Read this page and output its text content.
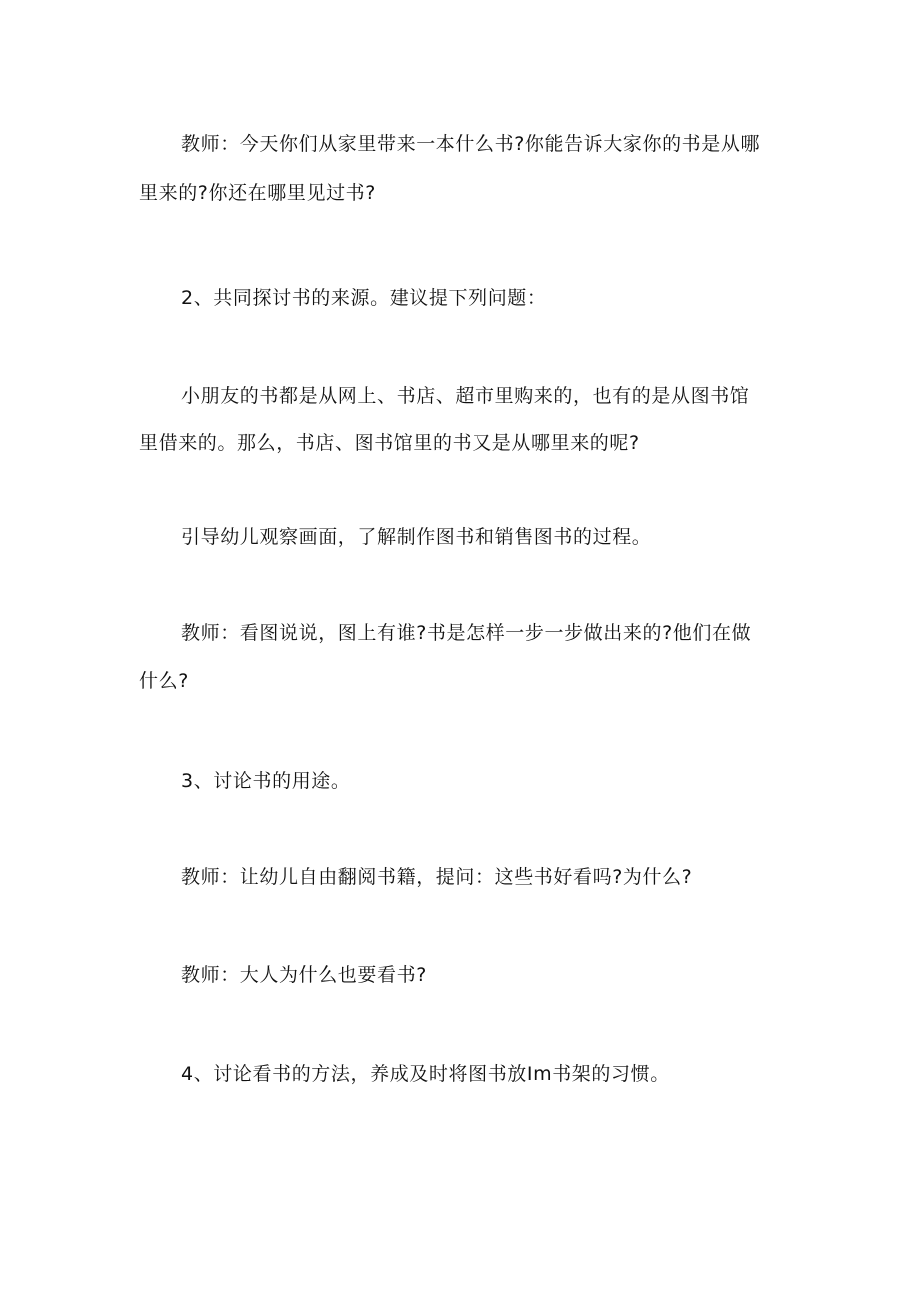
教师：今天你们从家里带来一本什么书?你能告诉大家你的书是从哪
里来的?你还在哪里见过书?
2、共同探讨书的来源。建议提下列问题：
小朋友的书都是从网上、书店、超市里购来的，也有的是从图书馆
里借来的。那么，书店、图书馆里的书又是从哪里来的呢?
引导幼儿观察画面，了解制作图书和销售图书的过程。
教师：看图说说，图上有谁?书是怎样一步一步做出来的?他们在做
什么?
3、讨论书的用途。
教师：让幼儿自由翻阅书籍，提问：这些书好看吗?为什么?
教师：大人为什么也要看书?
4、讨论看书的方法，养成及时将图书放Im书架的习惯。
